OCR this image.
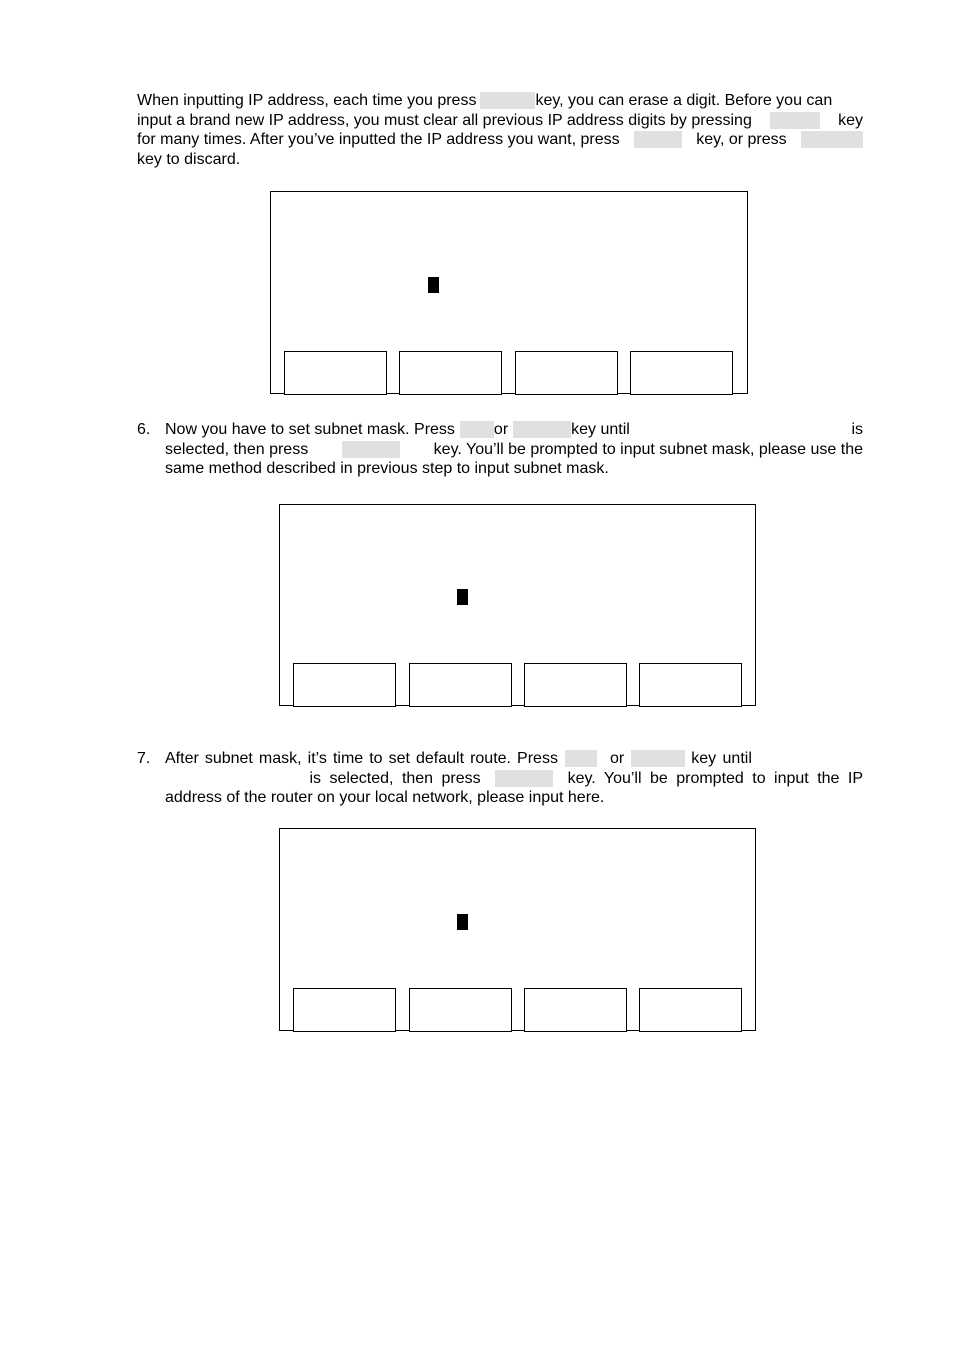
When inputting IP address, each time you press	key, you can erase a digit. Before you can
input a brand new IP address, you must clear all previous IP address digits by pressing	key
for many times. After you’ve inputted the IP address you want, press	key, or press
key to discard.
6. Now you have to set subnet mask. Press or	key until	is
selected, then press	key. You’ll be prompted to input subnet mask, please use the
same method described in previous step to input subnet mask.
7. After subnet mask, it’s time to set default route. Press	or	key until
is selected, then press	key. You’ll be prompted to input the IP
address of the router on your local network, please input here.
